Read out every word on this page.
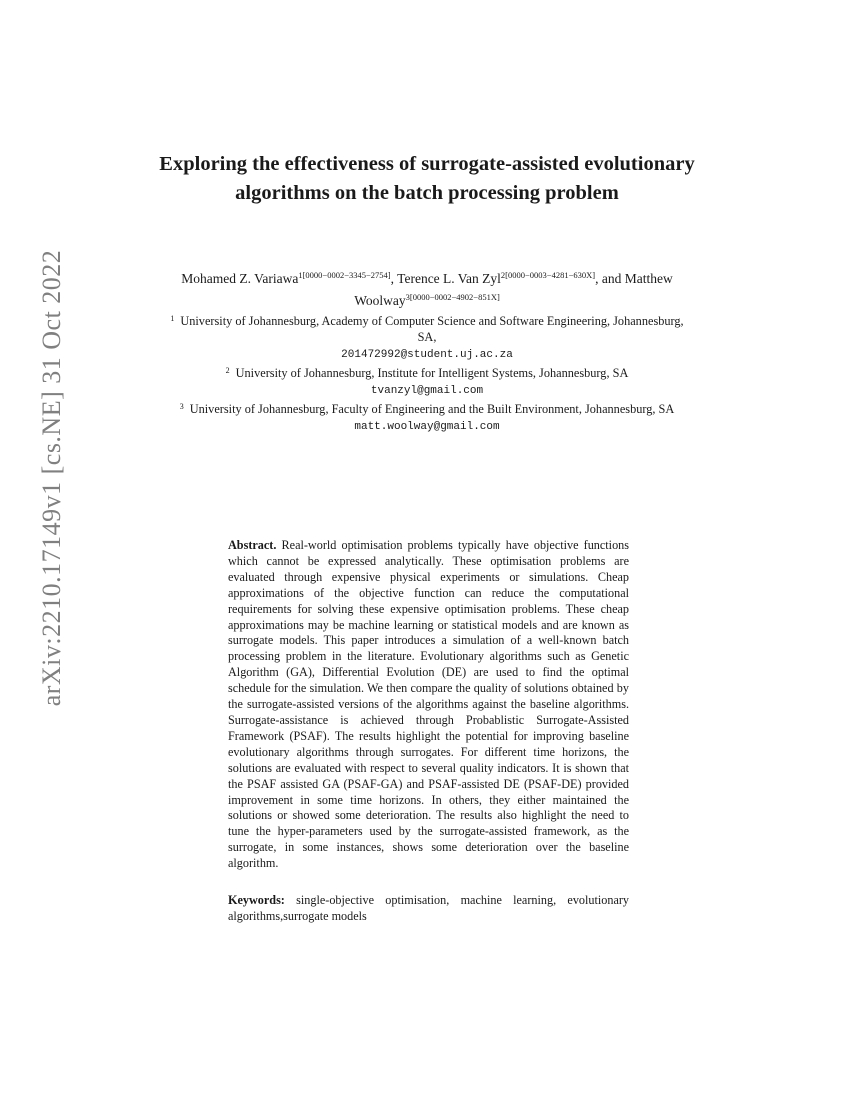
arXiv:2210.17149v1 [cs.NE] 31 Oct 2022
Exploring the effectiveness of surrogate-assisted evolutionary algorithms on the batch processing problem
Mohamed Z. Variawa$^{1[0000-0002-3345-2754]}$, Terence L. Van Zyl$^{2[0000-0003-4281-630X]}$, and Matthew Woolway$^{3[0000-0002-4902-851X]}$
$^1$ University of Johannesburg, Academy of Computer Science and Software Engineering, Johannesburg, SA,
201472992@student.uj.ac.za
$^2$ University of Johannesburg, Institute for Intelligent Systems, Johannesburg, SA
tvanzyl@gmail.com
$^3$ University of Johannesburg, Faculty of Engineering and the Built Environment, Johannesburg, SA
matt.woolway@gmail.com

Abstract. Real-world optimisation problems typically have objective functions which cannot be expressed analytically. These optimisation problems are evaluated through expensive physical experiments or simulations. Cheap approximations of the objective function can reduce the computational requirements for solving these expensive optimisation problems. These cheap approximations may be machine learning or statistical models and are known as surrogate models. This paper introduces a simulation of a well-known batch processing problem in the literature. Evolutionary algorithms such as Genetic Algorithm (GA), Differential Evolution (DE) are used to find the optimal schedule for the simulation. We then compare the quality of solutions obtained by the surrogate-assisted versions of the algorithms against the baseline algorithms. Surrogate-assistance is achieved through Probablistic Surrogate-Assisted Framework (PSAF). The results highlight the potential for improving baseline evolutionary algorithms through surrogates. For different time horizons, the solutions are evaluated with respect to several quality indicators. It is shown that the PSAF assisted GA (PSAF-GA) and PSAF-assisted DE (PSAF-DE) provided improvement in some time horizons. In others, they either maintained the solutions or showed some deterioration. The results also highlight the need to tune the hyper-parameters used by the surrogate-assisted framework, as the surrogate, in some instances, shows some deterioration over the baseline algorithm.

Keywords: single-objective optimisation, machine learning, evolutionary algorithms,surrogate models
